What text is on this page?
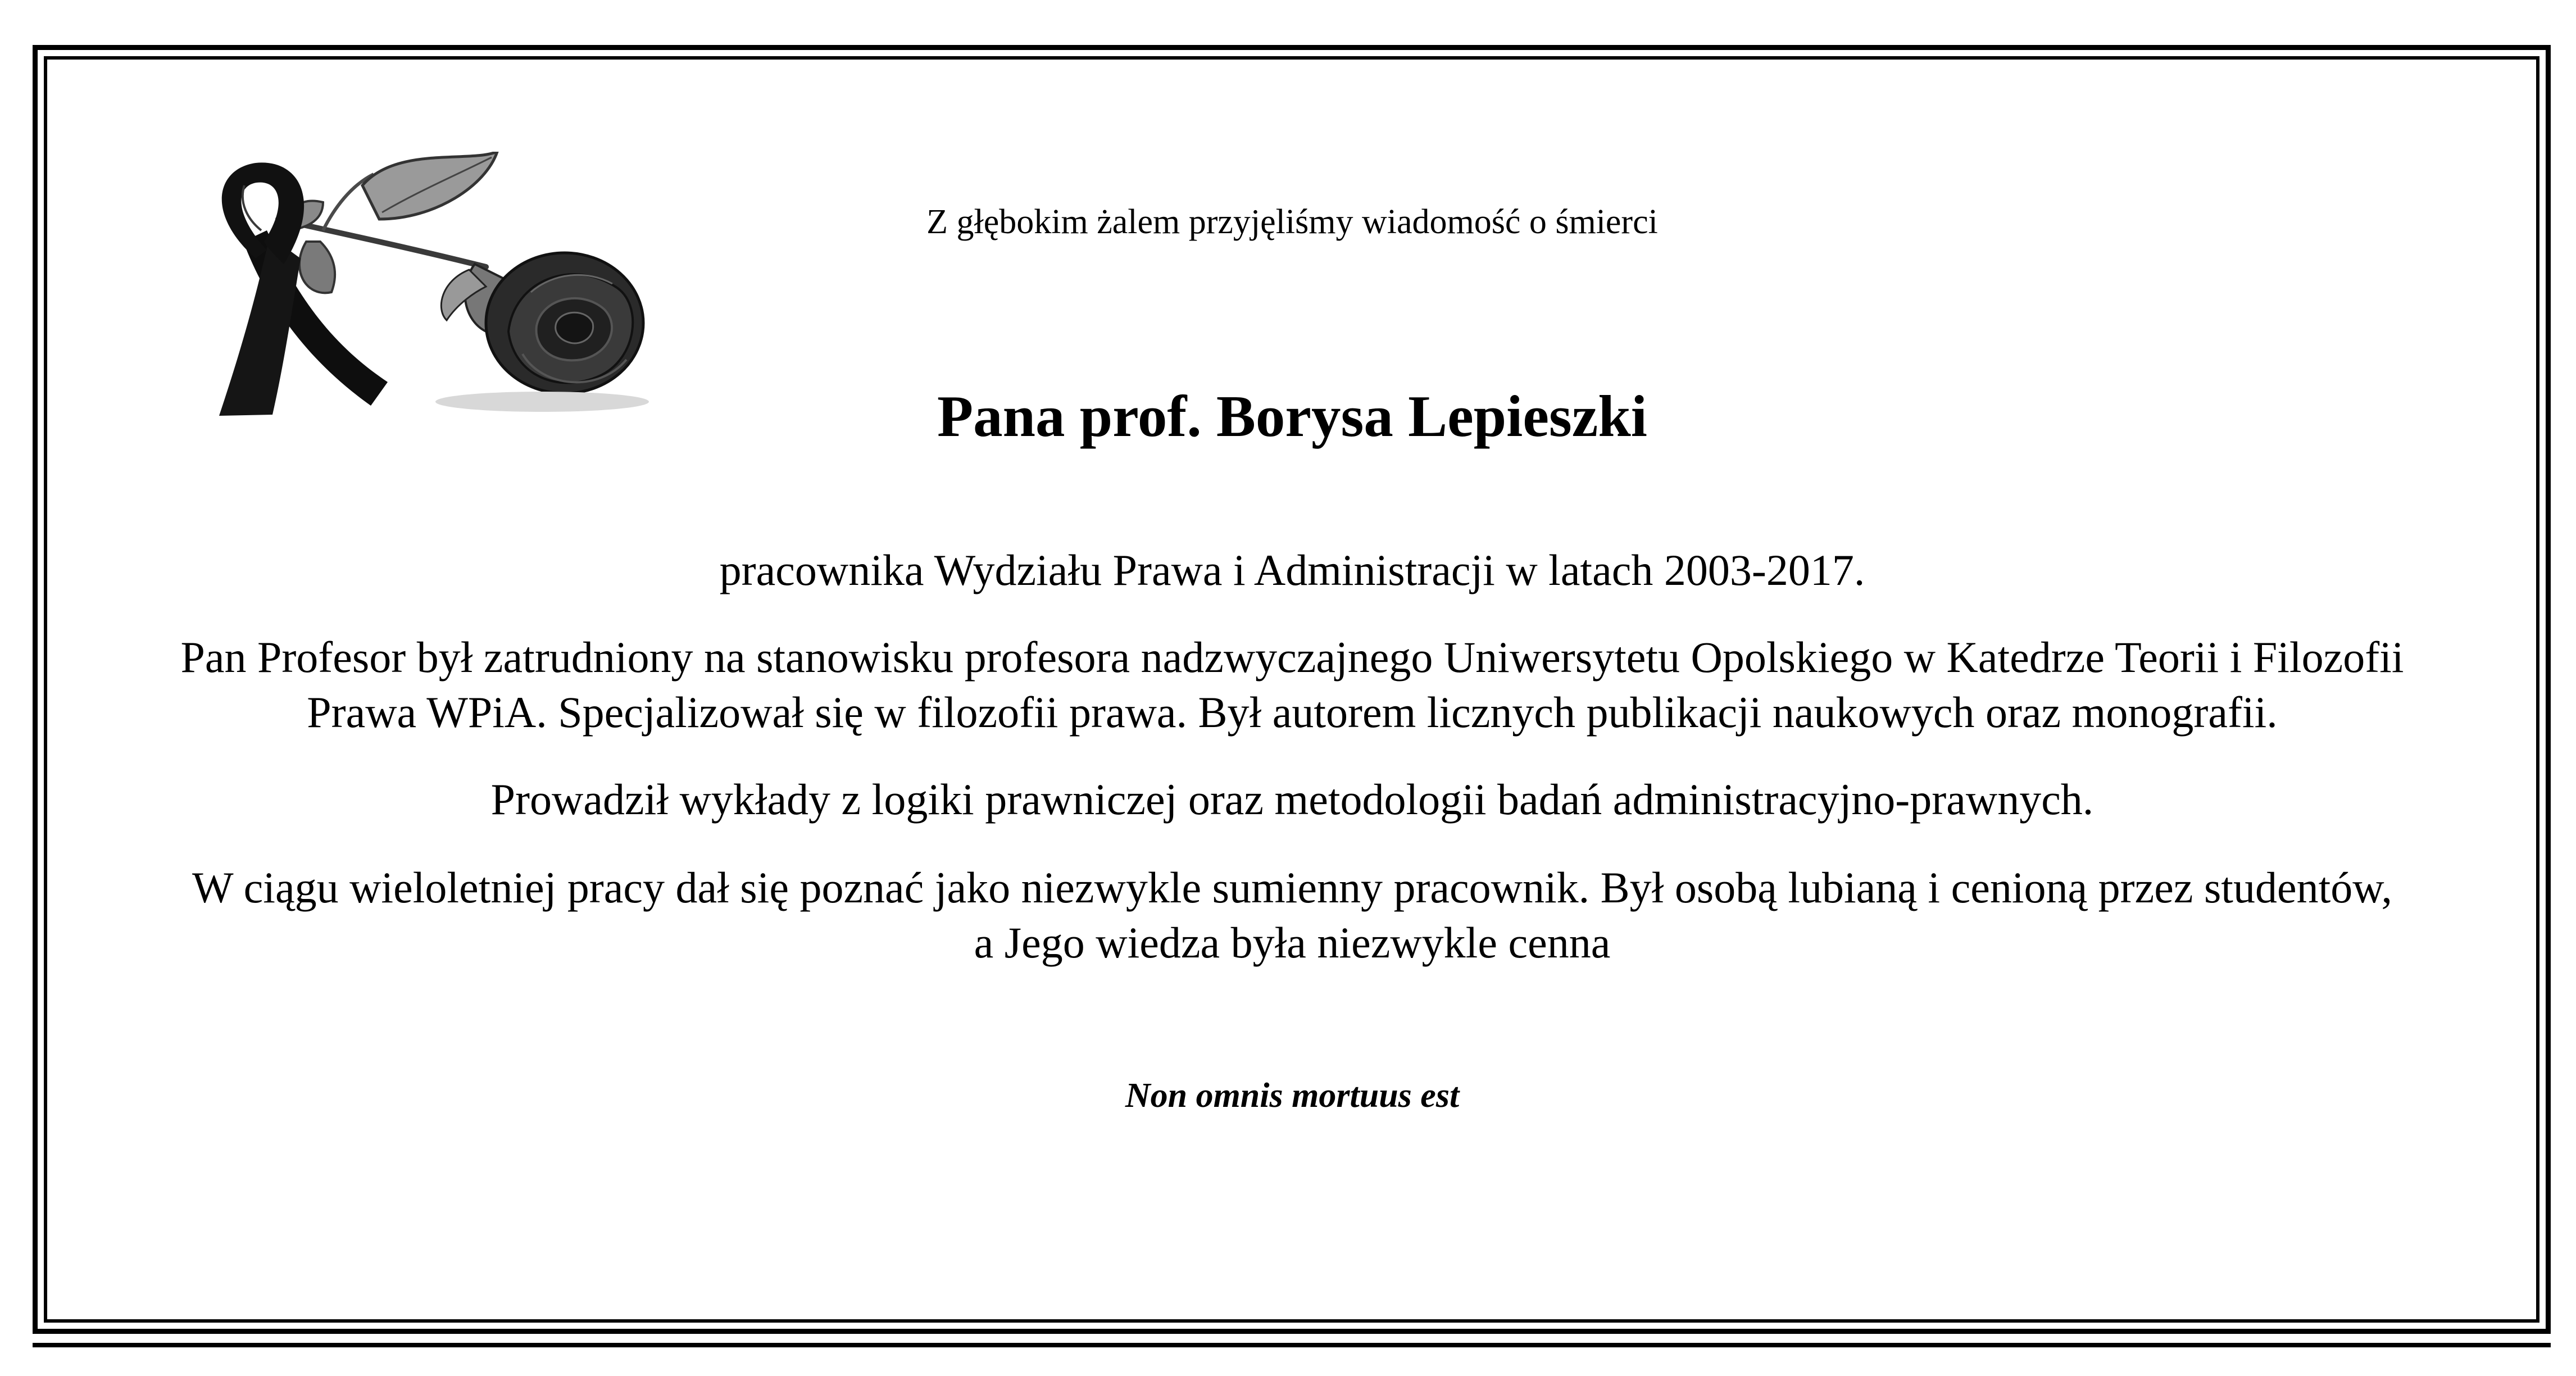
Z głębokim żalem przyjęliśmy wiadomość o śmierci
Pana prof. Borysa Lepieszki
pracownika Wydziału Prawa i Administracji w latach 2003-2017.
Pan Profesor był zatrudniony na stanowisku profesora nadzwyczajnego Uniwersytetu Opolskiego w Katedrze Teorii i Filozofii
Prawa WPiA. Specjalizował się w filozofii prawa. Był autorem licznych publikacji naukowych oraz monografii.
Prowadził wykłady z logiki prawniczej oraz metodologii badań administracyjno-prawnych.
W ciągu wieloletniej pracy dał się poznać jako niezwykle sumienny pracownik. Był osobą lubianą i cenioną przez studentów,
a Jego wiedza była niezwykle cenna
Non omnis mortuus est
